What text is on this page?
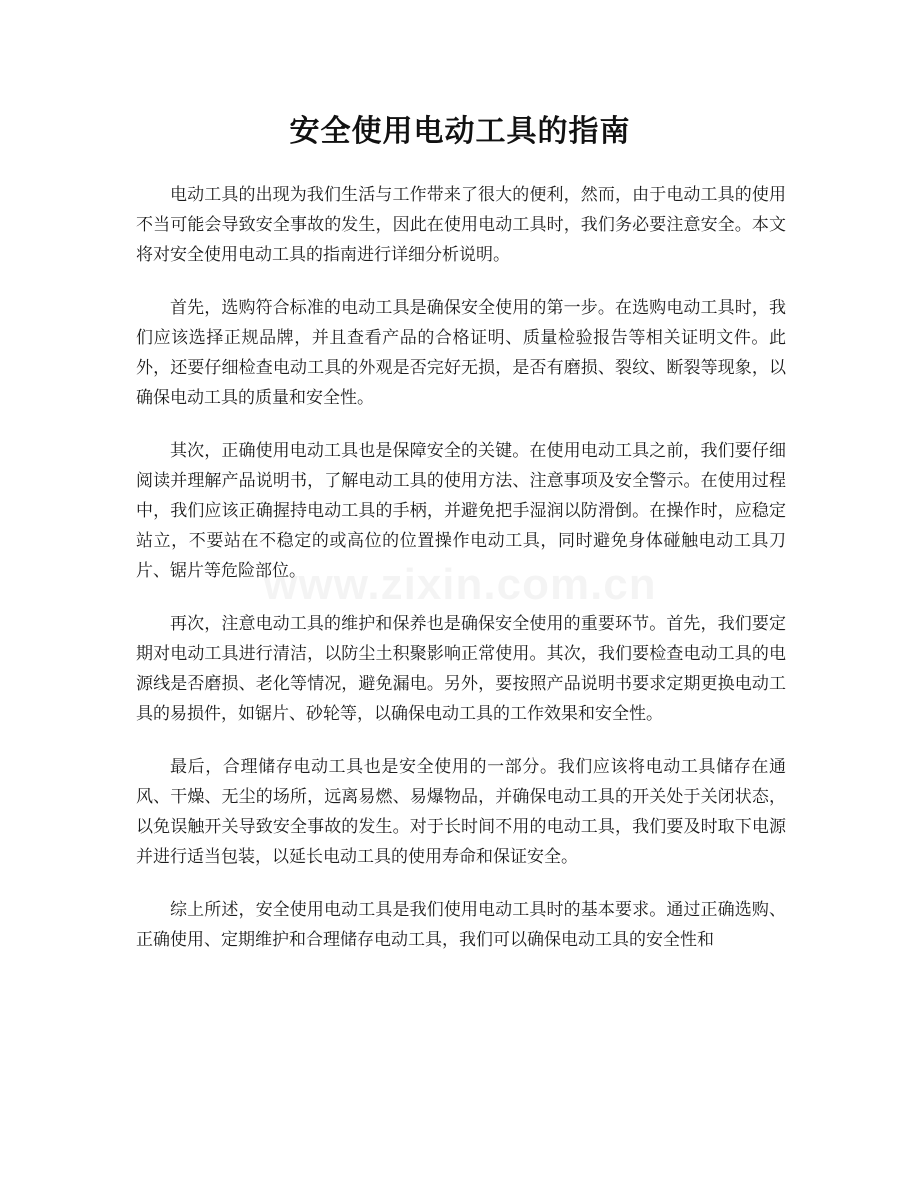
安全使用电动工具的指南

电动工具的出现为我们生活与工作带来了很大的便利，然而，由于电动工具的使用不当可能会导致安全事故的发生，因此在使用电动工具时，我们务必要注意安全。本文将对安全使用电动工具的指南进行详细分析说明。

首先，选购符合标准的电动工具是确保安全使用的第一步。在选购电动工具时，我们应该选择正规品牌，并且查看产品的合格证明、质量检验报告等相关证明文件。此外，还要仔细检查电动工具的外观是否完好无损，是否有磨损、裂纹、断裂等现象，以确保电动工具的质量和安全性。

其次，正确使用电动工具也是保障安全的关键。在使用电动工具之前，我们要仔细阅读并理解产品说明书，了解电动工具的使用方法、注意事项及安全警示。在使用过程中，我们应该正确握持电动工具的手柄，并避免把手湿润以防滑倒。在操作时，应稳定站立，不要站在不稳定的或高位的位置操作电动工具，同时避免身体碰触电动工具刀片、锯片等危险部位。

再次，注意电动工具的维护和保养也是确保安全使用的重要环节。首先，我们要定期对电动工具进行清洁，以防尘土积聚影响正常使用。其次，我们要检查电动工具的电源线是否磨损、老化等情况，避免漏电。另外，要按照产品说明书要求定期更换电动工具的易损件，如锯片、砂轮等，以确保电动工具的工作效果和安全性。

最后，合理储存电动工具也是安全使用的一部分。我们应该将电动工具储存在通风、干燥、无尘的场所，远离易燃、易爆物品，并确保电动工具的开关处于关闭状态，以免误触开关导致安全事故的发生。对于长时间不用的电动工具，我们要及时取下电源并进行适当包装，以延长电动工具的使用寿命和保证安全。

综上所述，安全使用电动工具是我们使用电动工具时的基本要求。通过正确选购、正确使用、定期维护和合理储存电动工具，我们可以确保电动工具的安全性和
